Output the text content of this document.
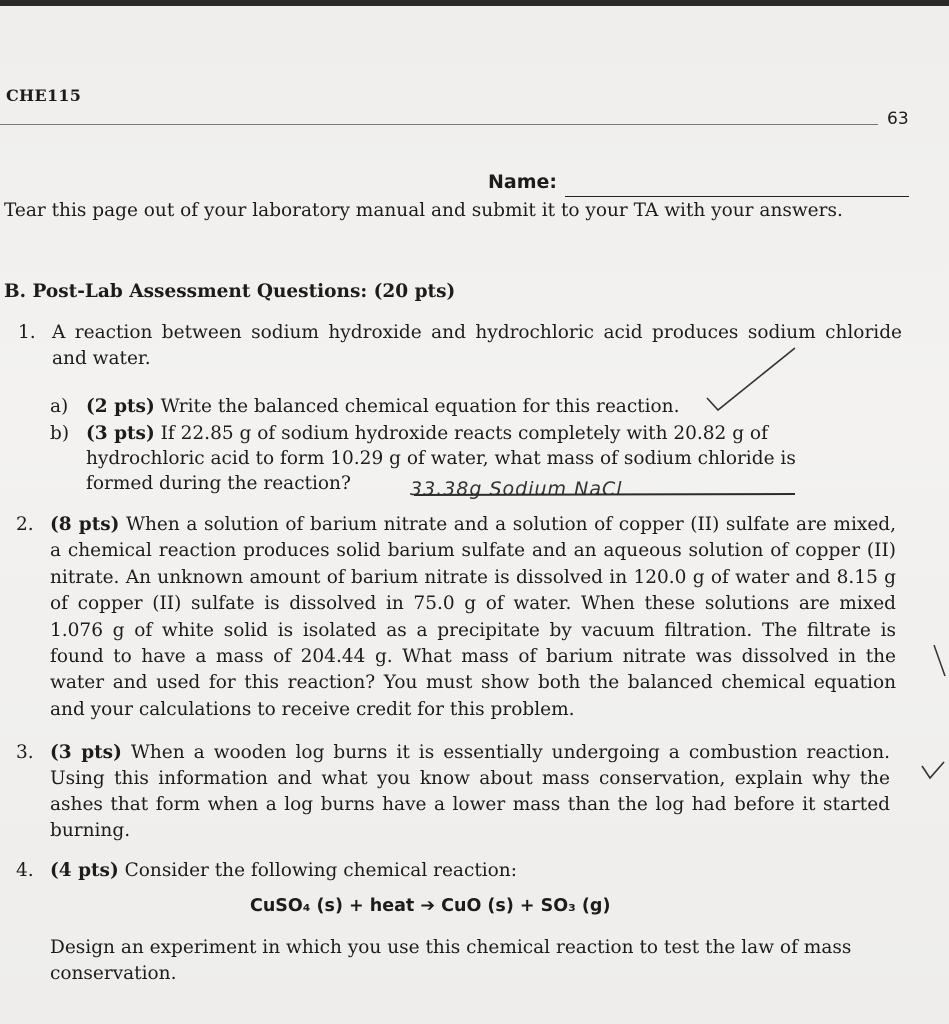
CHE115
63
Name:
Tear this page out of your laboratory manual and submit it to your TA with your answers.
B. Post-Lab Assessment Questions: (20 pts)
1. A reaction between sodium hydroxide and hydrochloric acid produces sodium chloride and water.
a) (2 pts) Write the balanced chemical equation for this reaction.
b) (3 pts) If 22.85 g of sodium hydroxide reacts completely with 20.82 g of hydrochloric acid to form 10.29 g of water, what mass of sodium chloride is formed during the reaction?
2. (8 pts) When a solution of barium nitrate and a solution of copper (II) sulfate are mixed, a chemical reaction produces solid barium sulfate and an aqueous solution of copper (II) nitrate. An unknown amount of barium nitrate is dissolved in 120.0 g of water and 8.15 g of copper (II) sulfate is dissolved in 75.0 g of water. When these solutions are mixed 1.076 g of white solid is isolated as a precipitate by vacuum filtration. The filtrate is found to have a mass of 204.44 g. What mass of barium nitrate was dissolved in the water and used for this reaction? You must show both the balanced chemical equation and your calculations to receive credit for this problem.
3. (3 pts) When a wooden log burns it is essentially undergoing a combustion reaction. Using this information and what you know about mass conservation, explain why the ashes that form when a log burns have a lower mass than the log had before it started burning.
4. (4 pts) Consider the following chemical reaction:
CuSO₄ (s) + heat ➔ CuO (s) + SO₃ (g)
Design an experiment in which you use this chemical reaction to test the law of mass conservation.
33.38g Sodium NaCl
